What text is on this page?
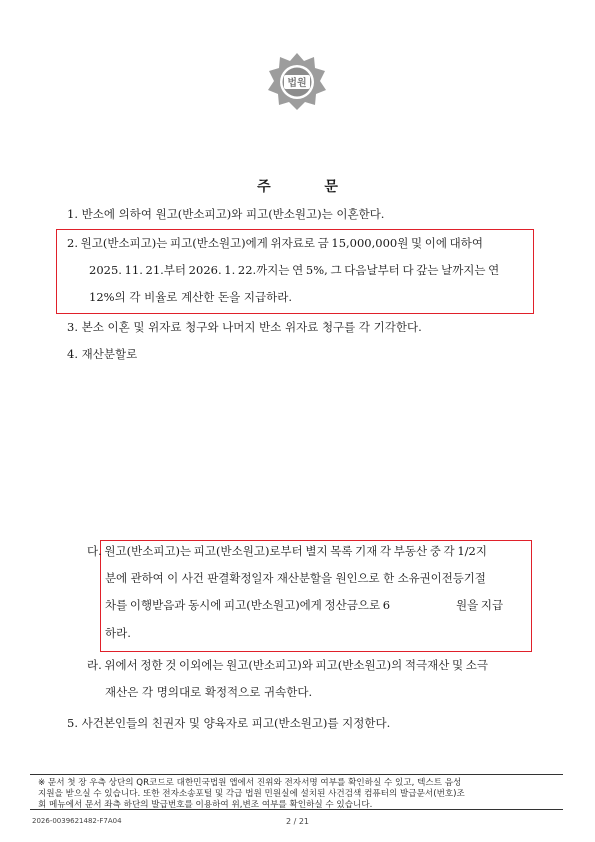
법원
주	문
1. 반소에 의하여 원고(반소피고)와 피고(반소원고)는 이혼한다.
2. 원고(반소피고)는 피고(반소원고)에게 위자료로 금 15,000,000원 및 이에 대하여
2025. 11. 21.부터 2026. 1. 22.까지는 연 5%, 그 다음날부터 다 갚는 날까지는 연
12%의 각 비율로 계산한 돈을 지급하라.
3. 본소 이혼 및 위자료 청구와 나머지 반소 위자료 청구를 각 기각한다.
4. 재산분할로
다. 원고(반소피고)는 피고(반소원고)로부터 별지 목록 기재 각 부동산 중 각 1/2지
분에 관하여 이 사건 판결확정일자 재산분할을 원인으로 한 소유권이전등기절
차를 이행받음과 동시에 피고(반소원고)에게 정산금으로 6	원을 지급
하라.
라. 위에서 정한 것 이외에는 원고(반소피고)와 피고(반소원고)의 적극재산 및 소극
재산은 각 명의대로 확정적으로 귀속한다.
5. 사건본인들의 친권자 및 양육자로 피고(반소원고)를 지정한다.
※ 문서 첫 장 우측 상단의 QR코드로 대한민국법원 앱에서 진위와 전자서명 여부를 확인하실 수 있고, 텍스트 음성
지원을 받으실 수 있습니다. 또한 전자소송포털 및 각급 법원 민원실에 설치된 사건검색 컴퓨터의 발급문서(번호)조
회 메뉴에서 문서 좌측 하단의 발급번호를 이용하여 위,변조 여부를 확인하실 수 있습니다.
2026-0039621482-F7A04	2 / 21
